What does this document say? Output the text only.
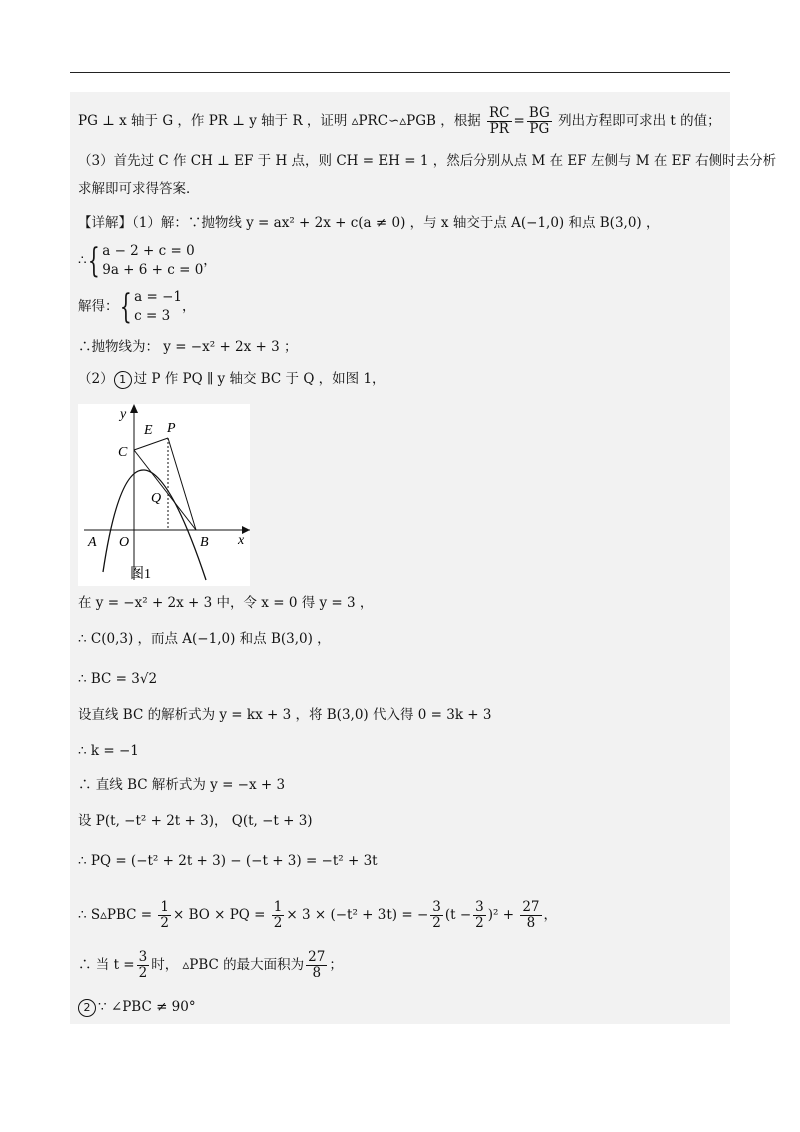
PG ⊥ x 轴于 G ，作 PR ⊥ y 轴于 R ，证明 ▵PRC∽▵PGB ，根据 $\frac{RC}{PR} = \frac{BG}{PG}$ 列出方程即可求出 t 的值；
（3）首先过 C 作 CH ⊥ EF 于 H 点，则 CH = EH = 1 ，然后分别从点 M 在 EF 左侧与 M 在 EF 右侧时去分析
求解即可求得答案．
【详解】（1）解：∵抛物线 y = ax² + 2x + c(a ≠ 0) ，与 x 轴交于点 A(−1,0) 和点 B(3,0) ，
∴{ a − 2 + c = 0
9a + 6 + c = 0
，
解得：{ a = −1
c = 3
，
∴抛物线为： y = −x² + 2x + 3 ；
（2） 1 过 P 作 PQ ∥ y 轴交 BC 于 Q ，如图 1，
y
E P
C
Q
A O	B x
图1
在 y = −x² + 2x + 3 中，令 x = 0 得 y = 3 ，
∴ C(0,3) ，而点 A(−1,0) 和点 B(3,0) ，
∴ BC = 3√2
设直线 BC 的解析式为 y = kx + 3 ，将 B(3,0) 代入得 0 = 3k + 3
∴ k = −1
∴ 直线 BC 解析式为 y = −x + 3
设 P(t, −t² + 2t + 3)， Q(t, −t + 3)
∴ PQ = (−t² + 2t + 3) − (−t + 3) = −t² + 3t
∴ S▵PBC = $\frac{1}{2}$ × BO × PQ = $\frac{1}{2} \times 3 \times (-t^2 + 3t)$ = − $\frac{3}{2} (t - \frac{3}{2} )^2 + \frac{27}{8}$ ，
∴ 当 $t = \frac{3}{2}$ 时， ▵PBC 的最大面积为 $\frac{27}{8}$ ；
2 ∵ ∠PBC ≠ 90°
